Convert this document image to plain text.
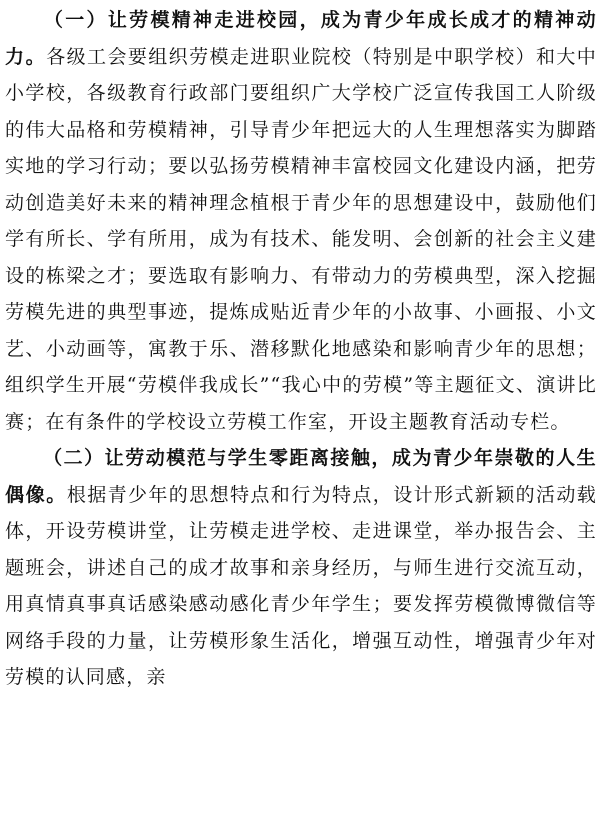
（一）让劳模精神走进校园，成为青少年成长成才的精神动力。各级工会要组织劳模走进职业院校（特别是中职学校）和大中小学校，各级教育行政部门要组织广大学校广泛宣传我国工人阶级的伟大品格和劳模精神，引导青少年把远大的人生理想落实为脚踏实地的学习行动；要以弘扬劳模精神丰富校园文化建设内涵，把劳动创造美好未来的精神理念植根于青少年的思想建设中，鼓励他们学有所长、学有所用，成为有技术、能发明、会创新的社会主义建设的栋梁之才；要选取有影响力、有带动力的劳模典型，深入挖掘劳模先进的典型事迹，提炼成贴近青少年的小故事、小画报、小文艺、小动画等，寓教于乐、潜移默化地感染和影响青少年的思想；组织学生开展“劳模伴我成长”“我心中的劳模”等主题征文、演讲比赛；在有条件的学校设立劳模工作室，开设主题教育活动专栏。

（二）让劳动模范与学生零距离接触，成为青少年崇敬的人生偶像。根据青少年的思想特点和行为特点，设计形式新颖的活动载体，开设劳模讲堂，让劳模走进学校、走进课堂，举办报告会、主题班会，讲述自己的成才故事和亲身经历，与师生进行交流互动，用真情真事真话感染感动感化青少年学生；要发挥劳模微博微信等网络手段的力量，让劳模形象生活化，增强互动性，增强青少年对劳模的认同感，亲
